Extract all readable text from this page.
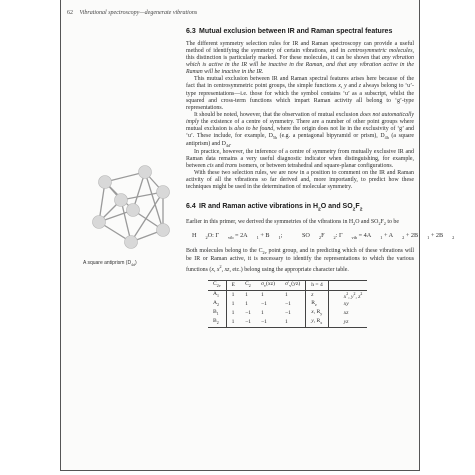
62 Vibrational spectroscopy—degenerate vibrations
A square antiprism $(D_{4d})$
6.3 Mutual exclusion between IR and Raman spectral features

The different symmetry selection rules for IR and Raman spectroscopy can provide a useful method of identifying the symmetry of certain vibrations, and in centrosymmetric molecules, this distinction is particularly marked. For these molecules, it can be shown that any vibration which is active in the IR will be inactive in the Raman, and that any vibration active in the Raman will be inactive in the IR.

This mutual exclusion between IR and Raman spectral features arises here because of the fact that in centrosymmetric point groups, the simple functions x, y and z always belong to ‘u’-type representations—i.e. those for which the symbol contains ‘u’ as a subscript, whilst the squared and cross-term functions which impart Raman activity all belong to ‘g’-type representations.

It should be noted, however, that the observation of mutual exclusion does not automatically imply the existence of a centre of symmetry. There are a number of other point groups where mutual exclusion is also to be found, where the origin does not lie in the exclusivity of ‘g’ and ‘u’. These include, for example, $D_{5h}$ (e.g. a pentagonal bipyramid or prism), $D_{4h}$ (a square antiprism) and $D_{4d}$.

In practice, however, the inference of a centre of symmetry from mutually exclusive IR and Raman data remains a very useful diagnostic indicator when distinguishing, for example, between cis and trans isomers, or between tetrahedral and square-planar configurations.

With these two selection rules, we are now in a position to comment on the IR and Raman activity of all the vibrations so far derived and, more importantly, to predict how these techniques might be used in the determination of molecular symmetry.

6.4 IR and Raman active vibrations in $H_2O$ and $SO_2F_2$

Earlier in this primer, we derived the symmetries of the vibrations in $H_2O$ and $SO_2F_2$ to be

H $_2$O: Γ $_{vib}$ = 2A $_1$ + B $_1$;	SO $_2$F $_2$: Γ $_{vib}$ = 4A $_1$ + A $_2$ + 2B $_1$ + 2B $_2$

Both molecules belong to the $C_{2v}$ point group, and in predicting which of these vibrations will be IR or Raman active, it is necessary to identify the representations to which the various functions (x, $x^2$, xz, etc.) belong using the appropriate character table.

$C_{2v}$	E	$C_2$	$\sigma_v(xz)$	$\sigma'_v(yz)$	h = 4		
$A_1$	1	1	1	1	z		$x^2$, $y^2$, $z^2$
$A_2$	1	1	−1	−1	$R_z$		xy
$B_1$	1	−1	1	−1	x, $R_y$		xz
$B_2$	1	−1	−1	1	y, $R_x$		yz
